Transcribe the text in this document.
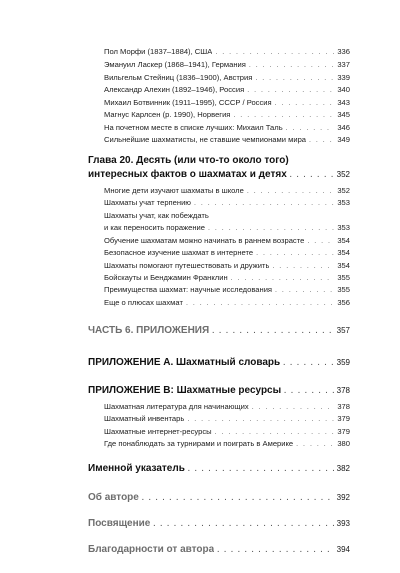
Пол Морфи (1837–1884), США . . .	336
Эмануил Ласкер (1868–1941), Германия . . .	337
Вильгельм Стейниц (1836–1900), Австрия . . .	339
Александр Алехин (1892–1946), Россия . . .	340
Михаил Ботвинник (1911–1995), СССР / Россия . . .	343
Магнус Карлсен (р. 1990), Норвегия . . .	345
На почетном месте в списке лучших: Михаил Таль . . .	346
Сильнейшие шахматисты, не ставшие чемпионами мира . . .	349
Глава 20. Десять (или что-то около того)
интересных фактов о шахматах и детях . . .	352
Многие дети изучают шахматы в школе . . .	352
Шахматы учат терпению . . .	353
Шахматы учат, как побеждать
и как переносить поражение . . .	353
Обучение шахматам можно начинать в раннем возрасте . . .	354
Безопасное изучение шахмат в интернете . . .	354
Шахматы помогают путешествовать и дружить . . .	354
Бойскауты и Бенджамин Франклин . . .	355
Преимущества шахмат: научные исследования . . .	355
Еще о плюсах шахмат . . .	356
ЧАСТЬ 6. ПРИЛОЖЕНИЯ . . .	357
ПРИЛОЖЕНИЕ А. Шахматный словарь . . .	359
ПРИЛОЖЕНИЕ В: Шахматные ресурсы . . .	378
Шахматная литература для начинающих . . .	378
Шахматный инвентарь . . .	379
Шахматные интернет-ресурсы . . .	379
Где понаблюдать за турнирами и поиграть в Америке . . .	380
Именной указатель . . .	382
Об авторе . . .	392
Посвящение . . .	393
Благодарности от автора . . .	394
